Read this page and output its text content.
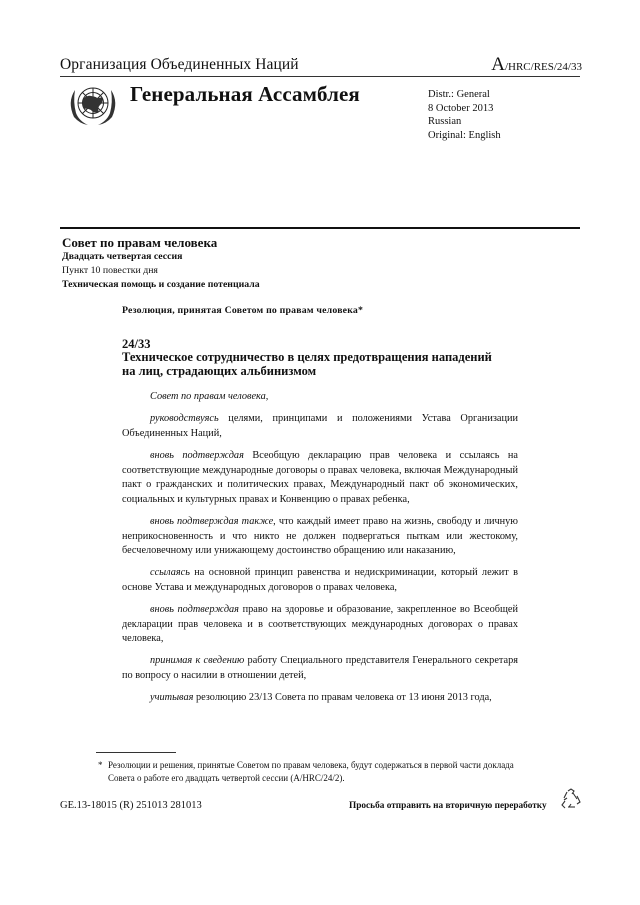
Организация Объединенных Наций	A/HRC/RES/24/33
Генеральная Ассамблея	Distr.: General
8 October 2013
Russian
Original: English
Совет по правам человека
Двадцать четвертая сессия
Пункт 10 повестки дня
Техническая помощь и создание потенциала
Резолюция, принятая Советом по правам человека*
24/33
Техническое сотрудничество в целях предотвращения нападений на лиц, страдающих альбинизмом

Совет по правам человека,

руководствуясь целями, принципами и положениями Устава Организации Объединенных Наций,

вновь подтверждая Всеобщую декларацию прав человека и ссылаясь на соответствующие международные договоры о правах человека, включая Международный пакт о гражданских и политических правах, Международный пакт об экономических, социальных и культурных правах и Конвенцию о правах ребенка,

вновь подтверждая также, что каждый имеет право на жизнь, свободу и личную неприкосновенность и что никто не должен подвергаться пыткам или жестокому, бесчеловечному или унижающему достоинство обращению или наказанию,

ссылаясь на основной принцип равенства и недискриминации, который лежит в основе Устава и международных договоров о правах человека,

вновь подтверждая право на здоровье и образование, закрепленное во Всеобщей декларации прав человека и в соответствующих международных договорах о правах человека,

принимая к сведению работу Специального представителя Генерального секретаря по вопросу о насилии в отношении детей,

учитывая резолюцию 23/13 Совета по правам человека от 13 июня 2013 года,

* Резолюции и решения, принятые Советом по правам человека, будут содержаться в первой части доклада Совета о работе его двадцать четвертой сессии (A/HRC/24/2).
GE.13-18015 (R) 251013 281013	Просьба отправить на вторичную переработку
